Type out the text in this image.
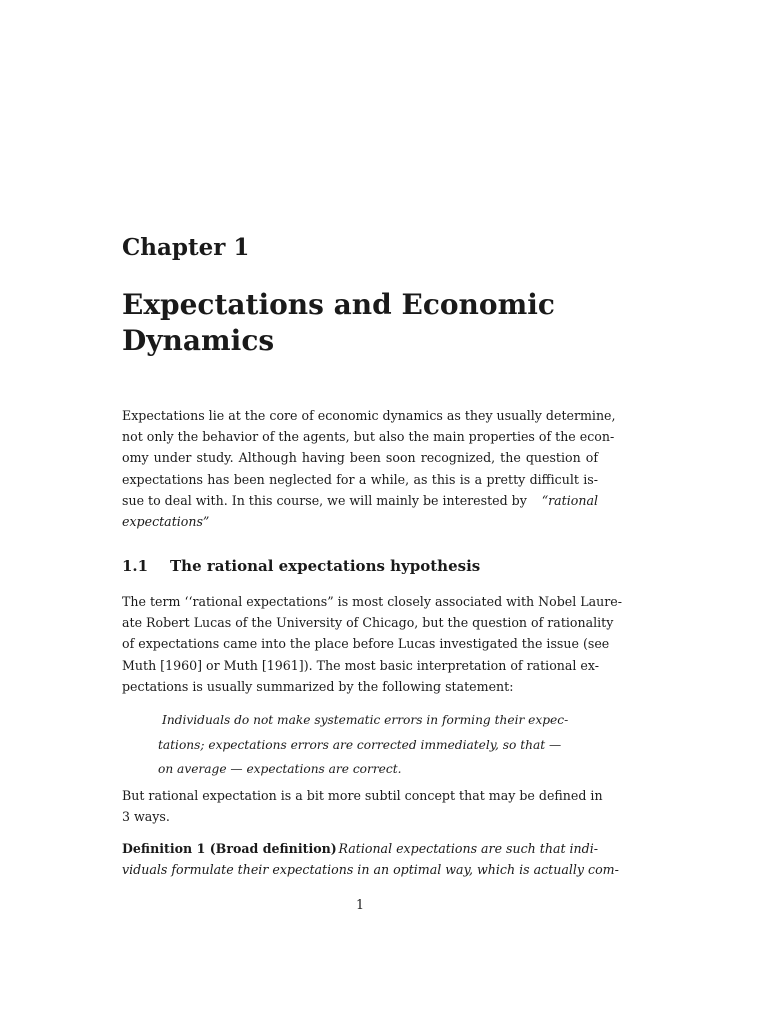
Chapter 1
Expectations and Economic
Dynamics
Expectations lie at the core of economic dynamics as they usually determine,
not only the behavior of the agents, but also the main properties of the econ-
omy under study. Although having been soon recognized, the question of
expectations has been neglected for a while, as this is a pretty difficult is-
sue to deal with. In this course, we will mainly be interested by “rational
expectations”
1.1 The rational expectations hypothesis
The term ‘‘rational expectations” is most closely associated with Nobel Laure-
ate Robert Lucas of the University of Chicago, but the question of rationality
of expectations came into the place before Lucas investigated the issue (see
Muth [1960] or Muth [1961]). The most basic interpretation of rational ex-
pectations is usually summarized by the following statement:
Individuals do not make systematic errors in forming their expec-
tations; expectations errors are corrected immediately, so that —
on average — expectations are correct.
But rational expectation is a bit more subtil concept that may be defined in
3 ways.
Definition 1 (Broad definition) Rational expectations are such that indi-
viduals formulate their expectations in an optimal way, which is actually com-
1
